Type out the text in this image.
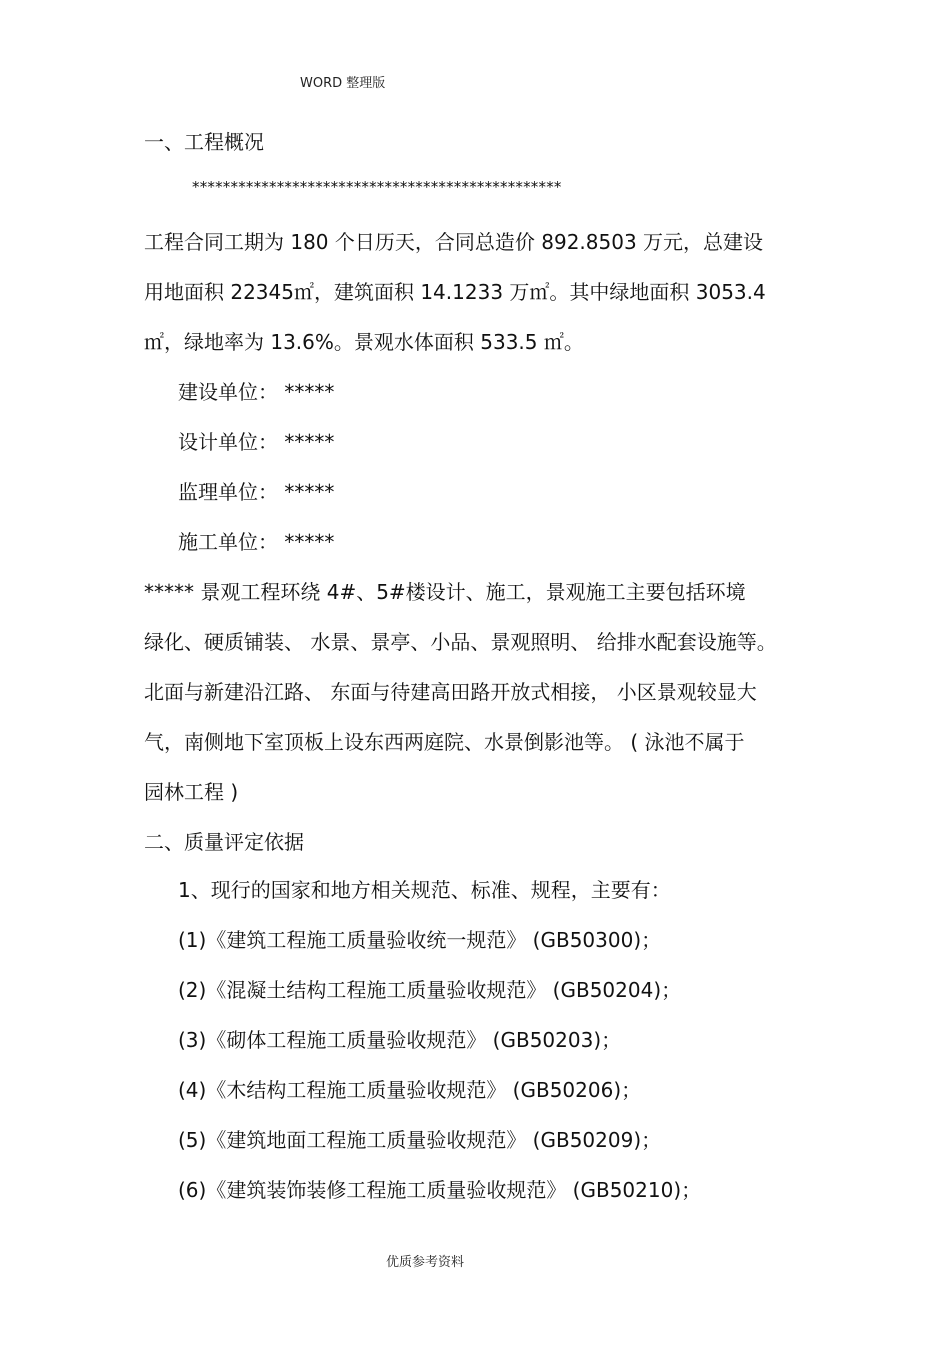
WORD 整理版
一、工程概况
************************************************
工程合同工期为 180 个日历天，合同总造价 892.8503 万元，总建设
用地面积 22345㎡，建筑面积 14.1233 万㎡。其中绿地面积 3053.4
㎡，绿地率为 13.6%。景观水体面积 533.5 ㎡。
建设单位： *****
设计单位： *****
监理单位： *****
施工单位： *****
***** 景观工程环绕 4#、5#楼设计、施工，景观施工主要包括环境
绿化、硬质铺装、 水景、景亭、小品、景观照明、 给排水配套设施等。
北面与新建沿江路、 东面与待建高田路开放式相接， 小区景观较显大
气，南侧地下室顶板上设东西两庭院、水景倒影池等。 ( 泳池不属于
园林工程 )
二、质量评定依据
1、现行的国家和地方相关规范、标准、规程，主要有：
(1)《建筑工程施工质量验收统一规范》 (GB50300)；
(2)《混凝土结构工程施工质量验收规范》 (GB50204)；
(3)《砌体工程施工质量验收规范》 (GB50203)；
(4)《木结构工程施工质量验收规范》 (GB50206)；
(5)《建筑地面工程施工质量验收规范》 (GB50209)；
(6)《建筑装饰装修工程施工质量验收规范》 (GB50210)；
优质参考资料
